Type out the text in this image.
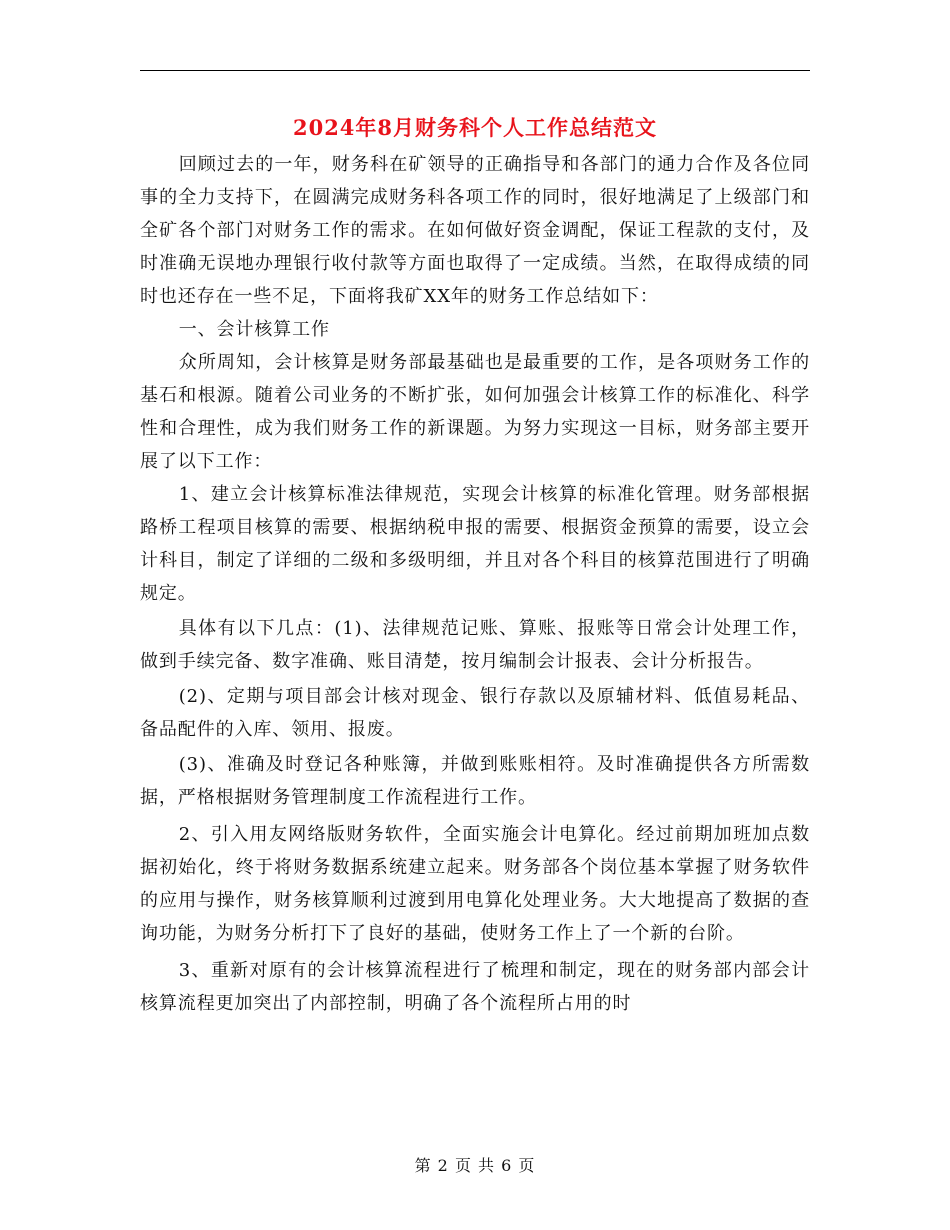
2024年8月财务科个人工作总结范文

回顾过去的一年，财务科在矿领导的正确指导和各部门的通力合作及各位同事的全力支持下，在圆满完成财务科各项工作的同时，很好地满足了上级部门和全矿各个部门对财务工作的需求。在如何做好资金调配，保证工程款的支付，及时准确无误地办理银行收付款等方面也取得了一定成绩。当然，在取得成绩的同时也还存在一些不足，下面将我矿XX年的财务工作总结如下：

一、会计核算工作

众所周知，会计核算是财务部最基础也是最重要的工作，是各项财务工作的基石和根源。随着公司业务的不断扩张，如何加强会计核算工作的标准化、科学性和合理性，成为我们财务工作的新课题。为努力实现这一目标，财务部主要开展了以下工作：

1、建立会计核算标准法律规范，实现会计核算的标准化管理。财务部根据路桥工程项目核算的需要、根据纳税申报的需要、根据资金预算的需要，设立会计科目，制定了详细的二级和多级明细，并且对各个科目的核算范围进行了明确规定。

具体有以下几点：(1)、法律规范记账、算账、报账等日常会计处理工作，做到手续完备、数字准确、账目清楚，按月编制会计报表、会计分析报告。

(2)、定期与项目部会计核对现金、银行存款以及原辅材料、低值易耗品、备品配件的入库、领用、报废。

(3)、准确及时登记各种账簿，并做到账账相符。及时准确提供各方所需数据，严格根据财务管理制度工作流程进行工作。

2、引入用友网络版财务软件，全面实施会计电算化。经过前期加班加点数据初始化，终于将财务数据系统建立起来。财务部各个岗位基本掌握了财务软件的应用与操作，财务核算顺利过渡到用电算化处理业务。大大地提高了数据的查询功能，为财务分析打下了良好的基础，使财务工作上了一个新的台阶。

3、重新对原有的会计核算流程进行了梳理和制定，现在的财务部内部会计核算流程更加突出了内部控制，明确了各个流程所占用的时

第 2 页 共 6 页
